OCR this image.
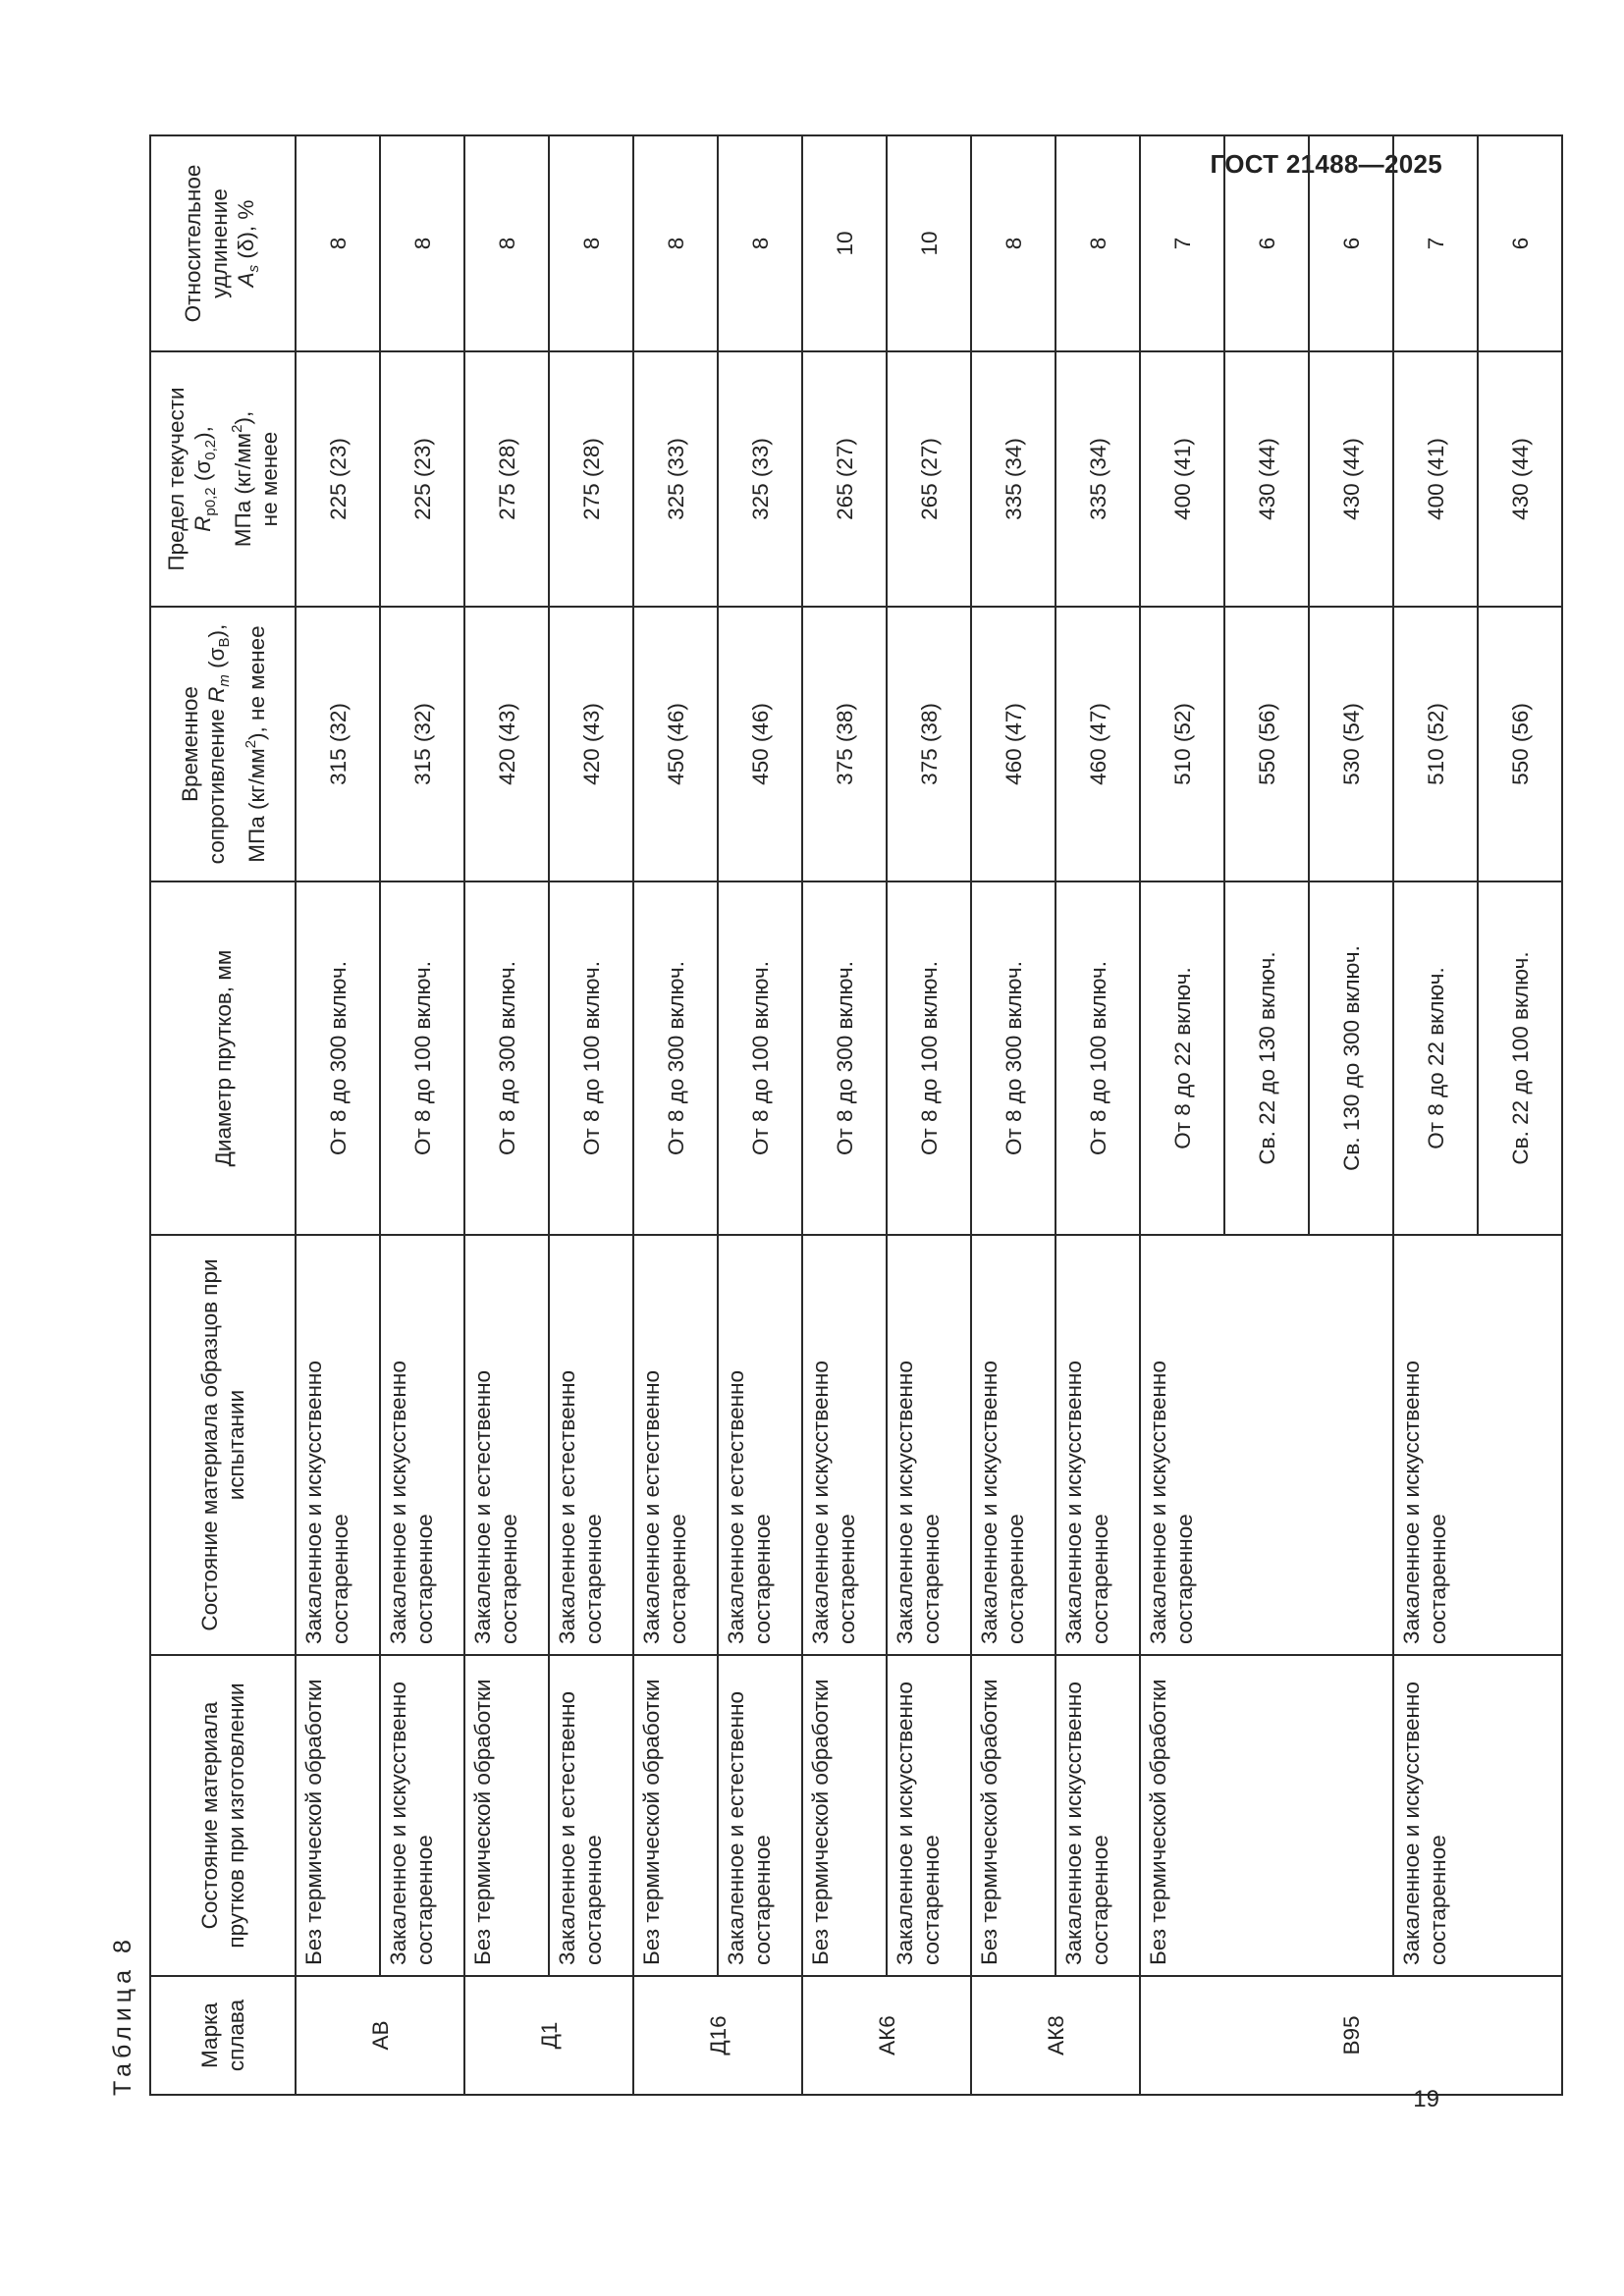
ГОСТ 21488—2025
Таблица 8	Марка сплава	Состояние материала прутков при изготовлении	Состояние материала образцов при испытании	Диаметр прутков, мм	Временное
сопротивление $R_m$ $(\sigma_В)$,
МПа $(кг/мм^2)$, не менее	Предел текучести
$R_{p0,2}$ $(\sigma_{0,2})$, МПа $(кг/мм^2)$,
не менее	Относительное
удлинение
$A_s$ (δ), %
АВ	Без термической обработки	Закаленное и искусственно состаренное	От 8 до 300 включ.	315 (32)	225 (23)	8
	Закаленное и искусственно состаренное	Закаленное и искусственно состаренное	От 8 до 100 включ.	315 (32)	225 (23)	8
Д1	Без термической обработки	Закаленное и естественно состаренное	От 8 до 300 включ.	420 (43)	275 (28)	8
	Закаленное и естественно состаренное	Закаленное и естественно состаренное	От 8 до 100 включ.	420 (43)	275 (28)	8
Д16	Без термической обработки	Закаленное и естественно состаренное	От 8 до 300 включ.	450 (46)	325 (33)	8
	Закаленное и естественно состаренное	Закаленное и естественно состаренное	От 8 до 100 включ.	450 (46)	325 (33)	8
АК6	Без термической обработки	Закаленное и искусственно состаренное	От 8 до 300 включ.	375 (38)	265 (27)	10
	Закаленное и искусственно состаренное	Закаленное и искусственно состаренное	От 8 до 100 включ.	375 (38)	265 (27)	10
АК8	Без термической обработки	Закаленное и искусственно состаренное	От 8 до 300 включ.	460 (47)	335 (34)	8
	Закаленное и искусственно состаренное	Закаленное и искусственно состаренное	От 8 до 100 включ.	460 (47)	335 (34)	8
В95	Без термической обработки	Закаленное и искусственно состаренное	От 8 до 22 включ.	510 (52)	400 (41)	7
			Св. 22 до 130 включ.	550 (56)	430 (44)	6
			Св. 130 до 300 включ.	530 (54)	430 (44)	6
	Закаленное и искусственно состаренное	Закаленное и искусственно состаренное	От 8 до 22 включ.	510 (52)	400 (41)	7
			Св. 22 до 100 включ.	550 (56)	430 (44)	6
19
